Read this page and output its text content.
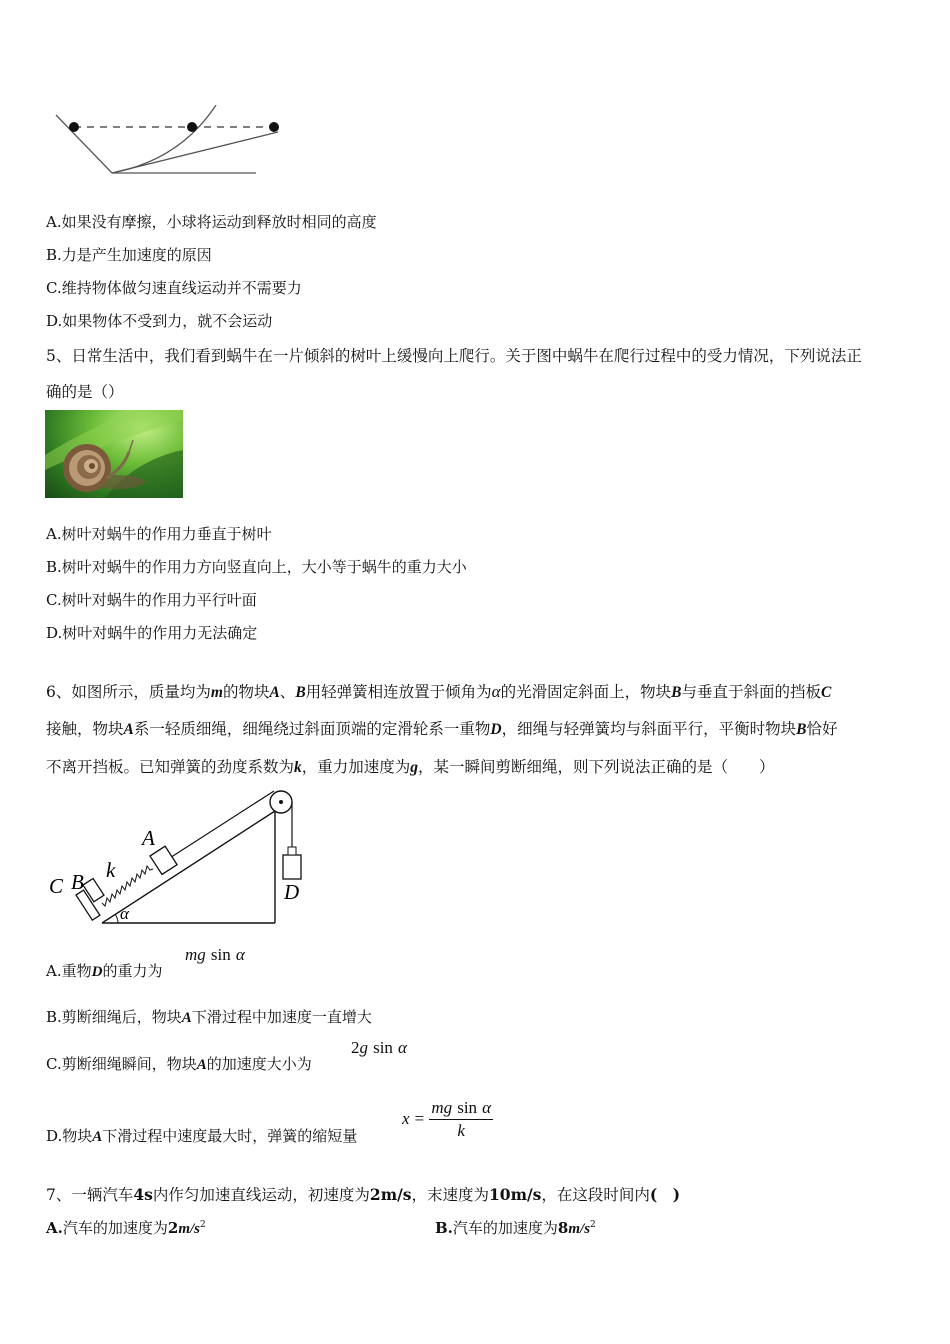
A.如果没有摩擦，小球将运动到释放时相同的高度
B.力是产生加速度的原因
C.维持物体做匀速直线运动并不需要力
D.如果物体不受到力，就不会运动
5、日常生活中，我们看到蜗牛在一片倾斜的树叶上缓慢向上爬行。关于图中蜗牛在爬行过程中的受力情况，下列说法正
确的是（）
A.树叶对蜗牛的作用力垂直于树叶
B.树叶对蜗牛的作用力方向竖直向上，大小等于蜗牛的重力大小
C.树叶对蜗牛的作用力平行叶面
D.树叶对蜗牛的作用力无法确定
6、如图所示，质量均为m的物块A、B用轻弹簧相连放置于倾角为α的光滑固定斜面上，物块B与垂直于斜面的挡板C
接触，物块A系一轻质细绳，细绳绕过斜面顶端的定滑轮系一重物D，细绳与轻弹簧均与斜面平行，平衡时物块B恰好
不离开挡板。已知弹簧的劲度系数为k，重力加速度为g，某一瞬间剪断细绳，则下列说法正确的是（　　）
C B k
A
D
α
A.重物D的重力为
mg sin α
B.剪断细绳后，物块A下滑过程中加速度一直增大
C.剪断细绳瞬间，物块A的加速度大小为
2g sin α
D.物块A下滑过程中速度最大时，弹簧的缩短量
$x = \frac{\text{mg sin α}}{k}$
7、一辆汽车4s内作匀加速直线运动，初速度为2m/s，末速度为10m/s，在这段时间内(　)
A.汽车的加速度为$2m/s^2$	B.汽车的加速度为$8m/s^2$
